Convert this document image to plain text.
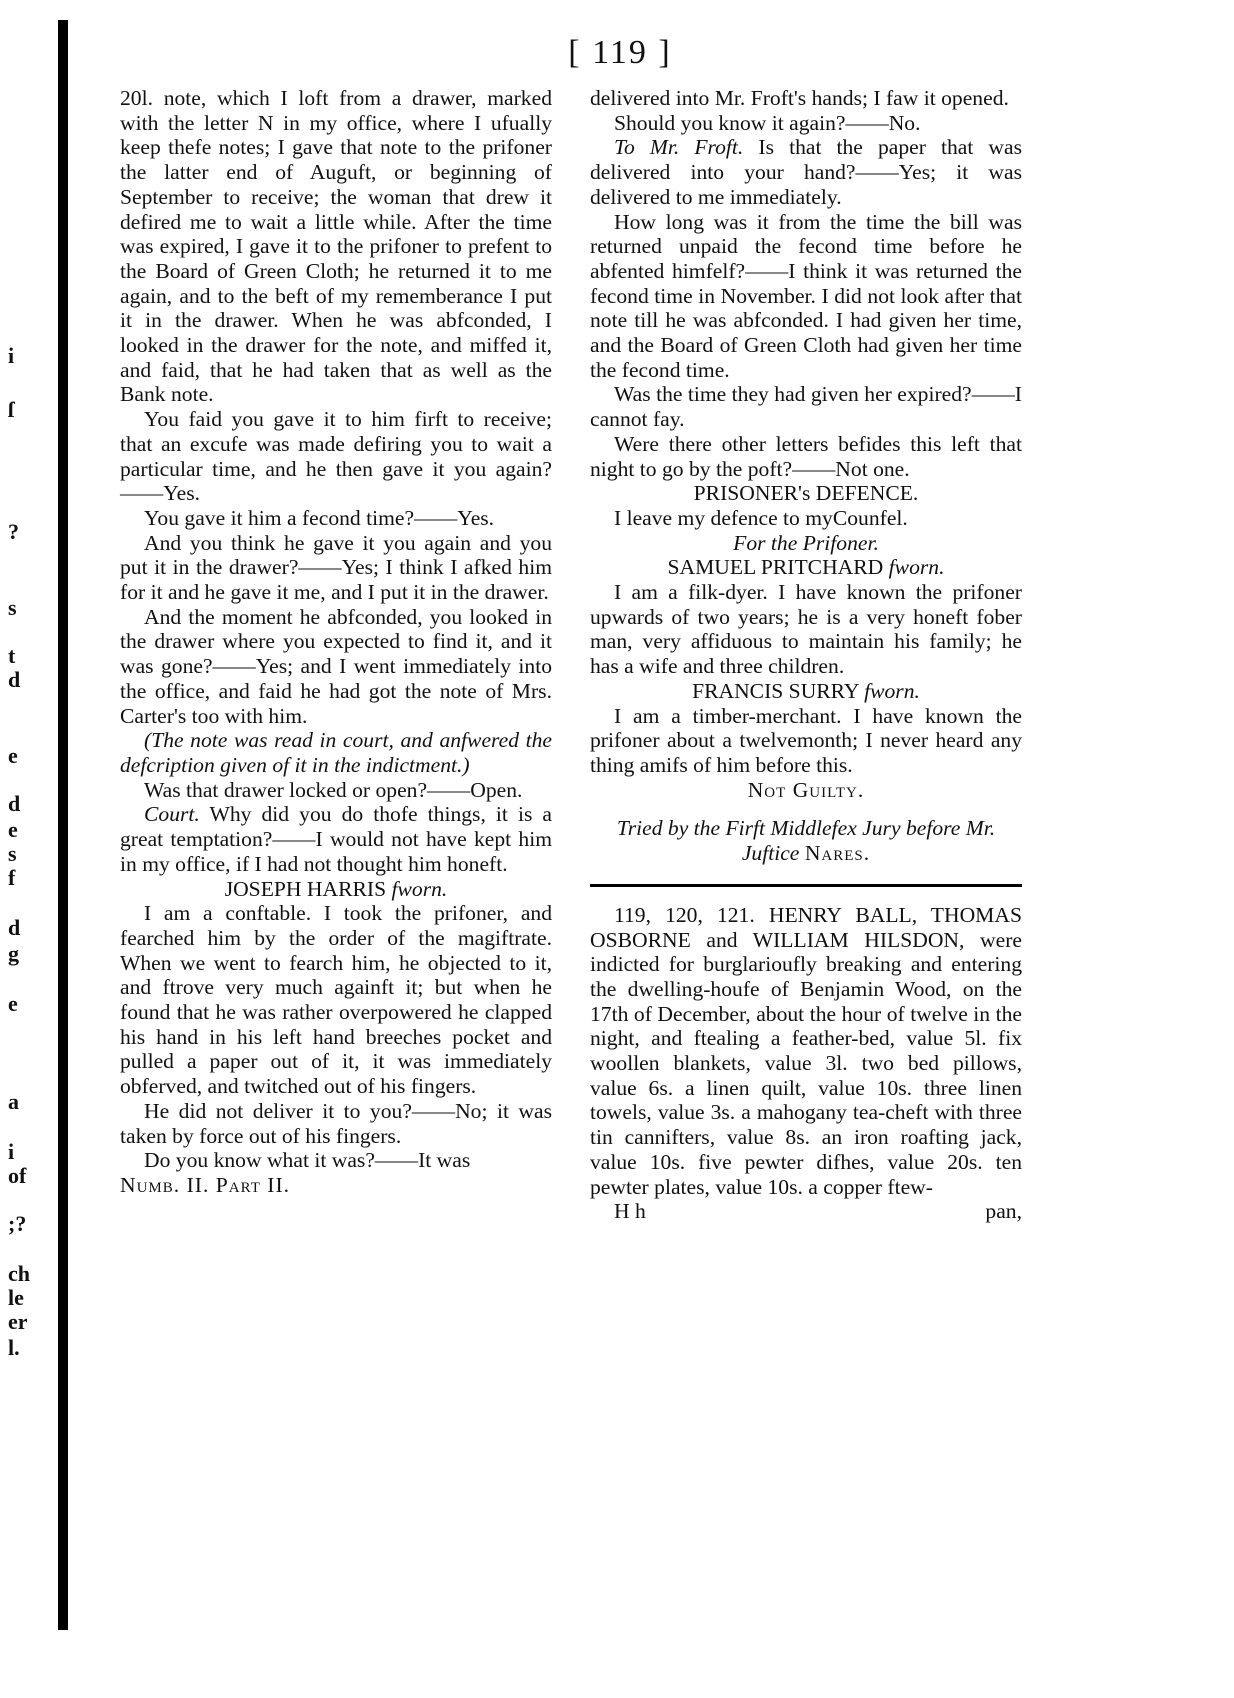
i
ſ
?
s
t
d
e
d
e
s
f
d
g
e
a
i
of
;?
ch
le
er
l.
[ 119 ]

20l. note, which I loft from a drawer, marked with the letter N in my office, where I ufually keep thefe notes; I gave that note to the prifoner the latter end of Auguft, or beginning of September to receive; the woman that drew it defired me to wait a little while. After the time was expired, I gave it to the prifoner to prefent to the Board of Green Cloth; he returned it to me again, and to the beft of my rememberance I put it in the drawer. When he was abfconded, I looked in the drawer for the note, and miffed it, and faid, that he had taken that as well as the Bank note.

You faid you gave it to him firft to receive; that an excufe was made defiring you to wait a particular time, and he then gave it you again?——Yes.

You gave it him a fecond time?——Yes.

And you think he gave it you again and you put it in the drawer?——Yes; I think I afked him for it and he gave it me, and I put it in the drawer.

And the moment he abfconded, you looked in the drawer where you expected to find it, and it was gone?——Yes; and I went immediately into the office, and faid he had got the note of Mrs. Carter's too with him.

(The note was read in court, and anfwered the defcription given of it in the indictment.)

Was that drawer locked or open?——Open.

Court. Why did you do thofe things, it is a great temptation?——I would not have kept him in my office, if I had not thought him honeft.

JOSEPH HARRIS fworn.

I am a conftable. I took the prifoner, and fearched him by the order of the magiftrate. When we went to fearch him, he objected to it, and ftrove very much againft it; but when he found that he was rather overpowered he clapped his hand in his left hand breeches pocket and pulled a paper out of it, it was immediately obferved, and twitched out of his fingers.

He did not deliver it to you?——No; it was taken by force out of his fingers.

Do you know what it was?——It was

Numb. II. Part II.

delivered into Mr. Froft's hands; I faw it opened.

Should you know it again?——No.

To Mr. Froft. Is that the paper that was delivered into your hand?——Yes; it was delivered to me immediately.

How long was it from the time the bill was returned unpaid the fecond time before he abfented himfelf?——I think it was returned the fecond time in November. I did not look after that note till he was abfconded. I had given her time, and the Board of Green Cloth had given her time the fecond time.

Was the time they had given her expired?——I cannot fay.

Were there other letters befides this left that night to go by the poft?——Not one.

PRISONER's DEFENCE.

I leave my defence to myCounfel.

For the Prifoner.

SAMUEL PRITCHARD fworn.

I am a filk-dyer. I have known the prifoner upwards of two years; he is a very honeft fober man, very affiduous to maintain his family; he has a wife and three children.

FRANCIS SURRY fworn.

I am a timber-merchant. I have known the prifoner about a twelvemonth; I never heard any thing amifs of him before this.

Not Guilty.

Tried by the Firft Middlefex Jury before Mr. Juftice Nares.

119, 120, 121. HENRY BALL, THOMAS OSBORNE and WILLIAM HILSDON, were indicted for burglarioufly breaking and entering the dwelling-houfe of Benjamin Wood, on the 17th of December, about the hour of twelve in the night, and ftealing a feather-bed, value 5l. fix woollen blankets, value 3l. two bed pillows, value 6s. a linen quilt, value 10s. three linen towels, value 3s. a mahogany tea-cheft with three tin cannifters, value 8s. an iron roafting jack, value 10s. five pewter difhes, value 20s. ten pewter plates, value 10s. a copper ftew-

H h	pan,
